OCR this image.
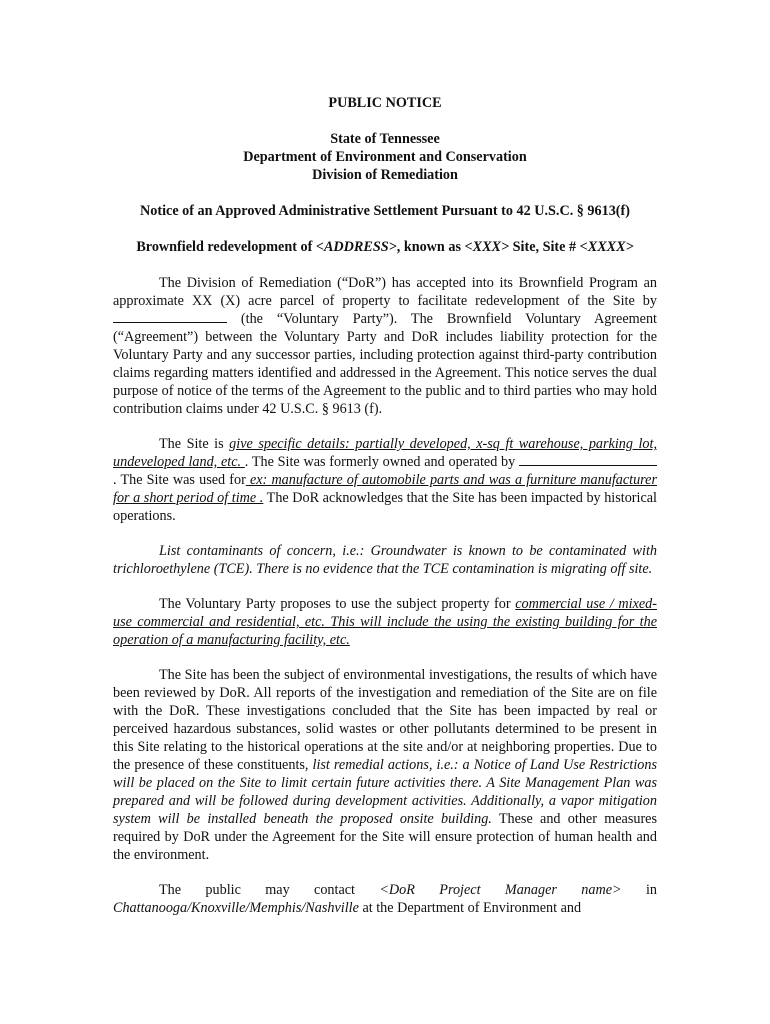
PUBLIC NOTICE

State of Tennessee

Department of Environment and Conservation

Division of Remediation

Notice of an Approved Administrative Settlement Pursuant to 42 U.S.C. § 9613(f)

Brownfield redevelopment of <ADDRESS>, known as <XXX> Site, Site # <XXXX>

The Division of Remediation (“DoR”) has accepted into its Brownfield Program an approximate XX (X) acre parcel of property to facilitate redevelopment of the Site by  (the “Voluntary Party”). The Brownfield Voluntary Agreement (“Agreement”) between the Voluntary Party and DoR includes liability protection for the Voluntary Party and any successor parties, including protection against third-party contribution claims regarding matters identified and addressed in the Agreement. This notice serves the dual purpose of notice of the terms of the Agreement to the public and to third parties who may hold contribution claims under 42 U.S.C. § 9613 (f).

The Site is give specific details: partially developed, x-sq ft warehouse, parking lot, undeveloped land, etc. . The Site was formerly owned and operated by . The Site was used for ex: manufacture of automobile parts and was a furniture manufacturer for a short period of time . The DoR acknowledges that the Site has been impacted by historical operations.

List contaminants of concern, i.e.: Groundwater is known to be contaminated with trichloroethylene (TCE). There is no evidence that the TCE contamination is migrating off site.

The Voluntary Party proposes to use the subject property for commercial use / mixed-use commercial and residential, etc. This will include the using the existing building for the operation of a manufacturing facility, etc.

The Site has been the subject of environmental investigations, the results of which have been reviewed by DoR. All reports of the investigation and remediation of the Site are on file with the DoR. These investigations concluded that the Site has been impacted by real or perceived hazardous substances, solid wastes or other pollutants determined to be present in this Site relating to the historical operations at the site and/or at neighboring properties. Due to the presence of these constituents, list remedial actions, i.e.: a Notice of Land Use Restrictions will be placed on the Site to limit certain future activities there. A Site Management Plan was prepared and will be followed during development activities. Additionally, a vapor mitigation system will be installed beneath the proposed onsite building. These and other measures required by DoR under the Agreement for the Site will ensure protection of human health and the environment.

The public may contact <DoR Project Manager name> in Chattanooga/Knoxville/Memphis/Nashville at the Department of Environment and
